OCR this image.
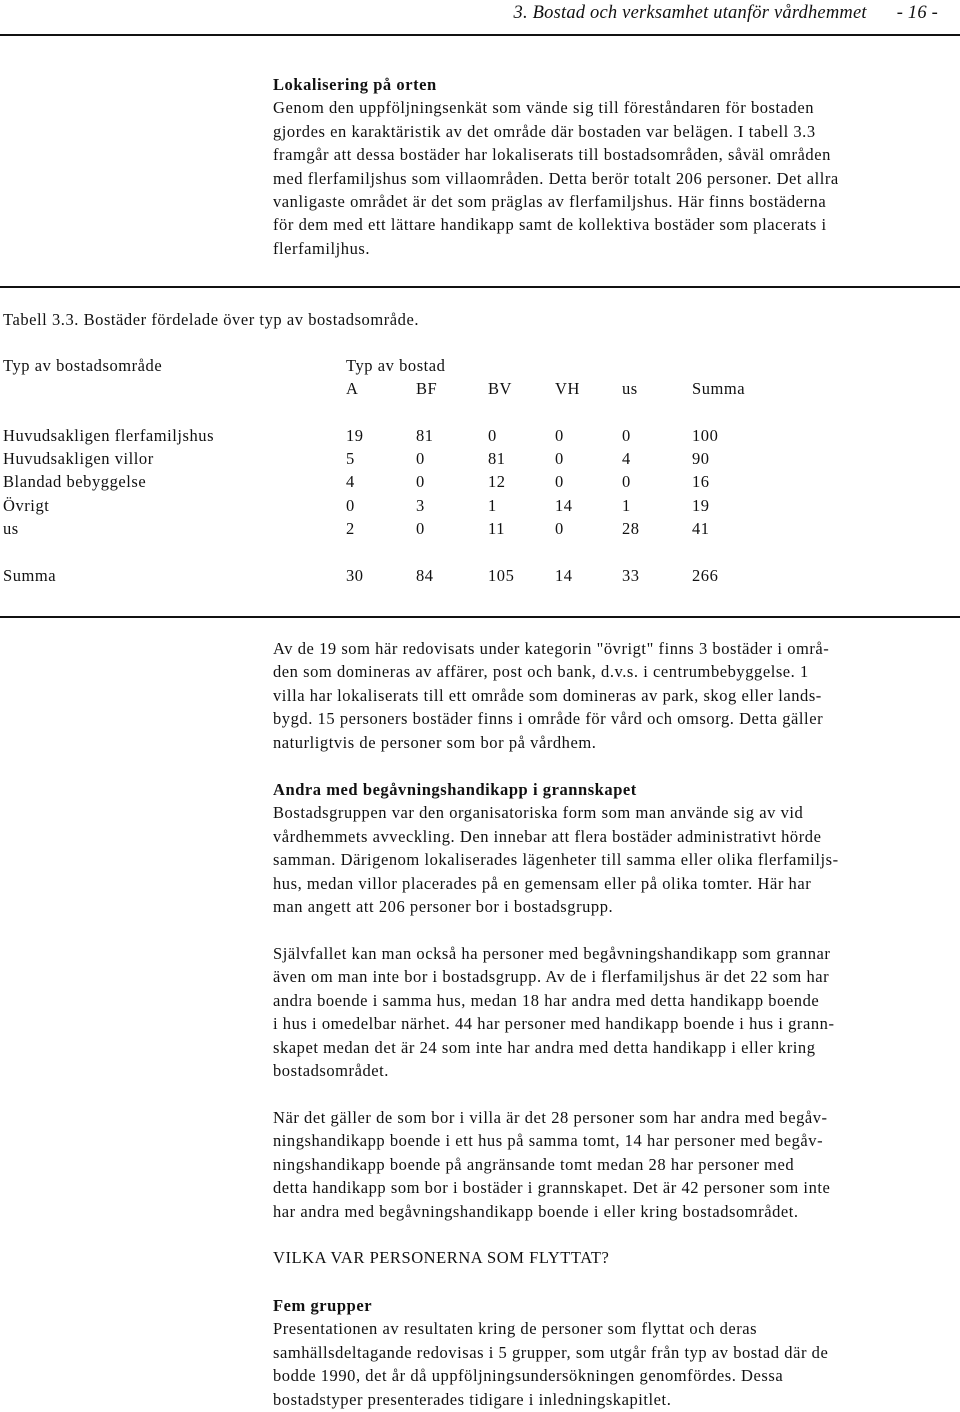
3. Bostad och verksamhet utanför vårdhemmet - 16 -

Lokalisering på orten

Genom den uppföljningsenkät som vände sig till föreståndaren för bostaden

gjordes en karaktäristik av det område där bostaden var belägen. I tabell 3.3

framgår att dessa bostäder har lokaliserats till bostadsområden, såväl områden

med flerfamiljshus som villaområden. Detta berör totalt 206 personer. Det allra

vanligaste området är det som präglas av flerfamiljshus. Här finns bostäderna

för dem med ett lättare handikapp samt de kollektiva bostäder som placerats i

flerfamiljhus.

Tabell 3.3. Bostäder fördelade över typ av bostadsområde.
Typ av bostadsområde	Typ av bostad
A	BF	BV	VH	us	Summa
Huvudsakligen flerfamiljshus	19	81	0	0	0	100
Huvudsakligen villor	5	0	81	0	4	90
Blandad bebyggelse	4	0	12	0	0	16
Övrigt	0	3	1	14	1	19
us	2	0	11	0	28	41
Summa	30	84	105 14	33	266

Av de 19 som här redovisats under kategorin "övrigt" finns 3 bostäder i områ-

den som domineras av affärer, post och bank, d.v.s. i centrumbebyggelse. 1

villa har lokaliserats till ett område som domineras av park, skog eller lands-

bygd. 15 personers bostäder finns i område för vård och omsorg. Detta gäller

naturligtvis de personer som bor på vårdhem.

Andra med begåvningshandikapp i grannskapet

Bostadsgruppen var den organisatoriska form som man använde sig av vid

vårdhemmets avveckling. Den innebar att flera bostäder administrativt hörde

samman. Därigenom lokaliserades lägenheter till samma eller olika flerfamiljs-

hus, medan villor placerades på en gemensam eller på olika tomter. Här har

man angett att 206 personer bor i bostadsgrupp.

Självfallet kan man också ha personer med begåvningshandikapp som grannar

även om man inte bor i bostadsgrupp. Av de i flerfamiljshus är det 22 som har

andra boende i samma hus, medan 18 har andra med detta handikapp boende

i hus i omedelbar närhet. 44 har personer med handikapp boende i hus i grann-

skapet medan det är 24 som inte har andra med detta handikapp i eller kring

bostadsområdet.

När det gäller de som bor i villa är det 28 personer som har andra med begåv-

ningshandikapp boende i ett hus på samma tomt, 14 har personer med begåv-

ningshandikapp boende på angränsande tomt medan 28 har personer med

detta handikapp som bor i bostäder i grannskapet. Det är 42 personer som inte

har andra med begåvningshandikapp boende i eller kring bostadsområdet.

VILKA VAR PERSONERNA SOM FLYTTAT?

Fem grupper

Presentationen av resultaten kring de personer som flyttat och deras

samhällsdeltagande redovisas i 5 grupper, som utgår från typ av bostad där de

bodde 1990, det år då uppföljningsundersökningen genomfördes. Dessa

bostadstyper presenterades tidigare i inledningskapitlet.
